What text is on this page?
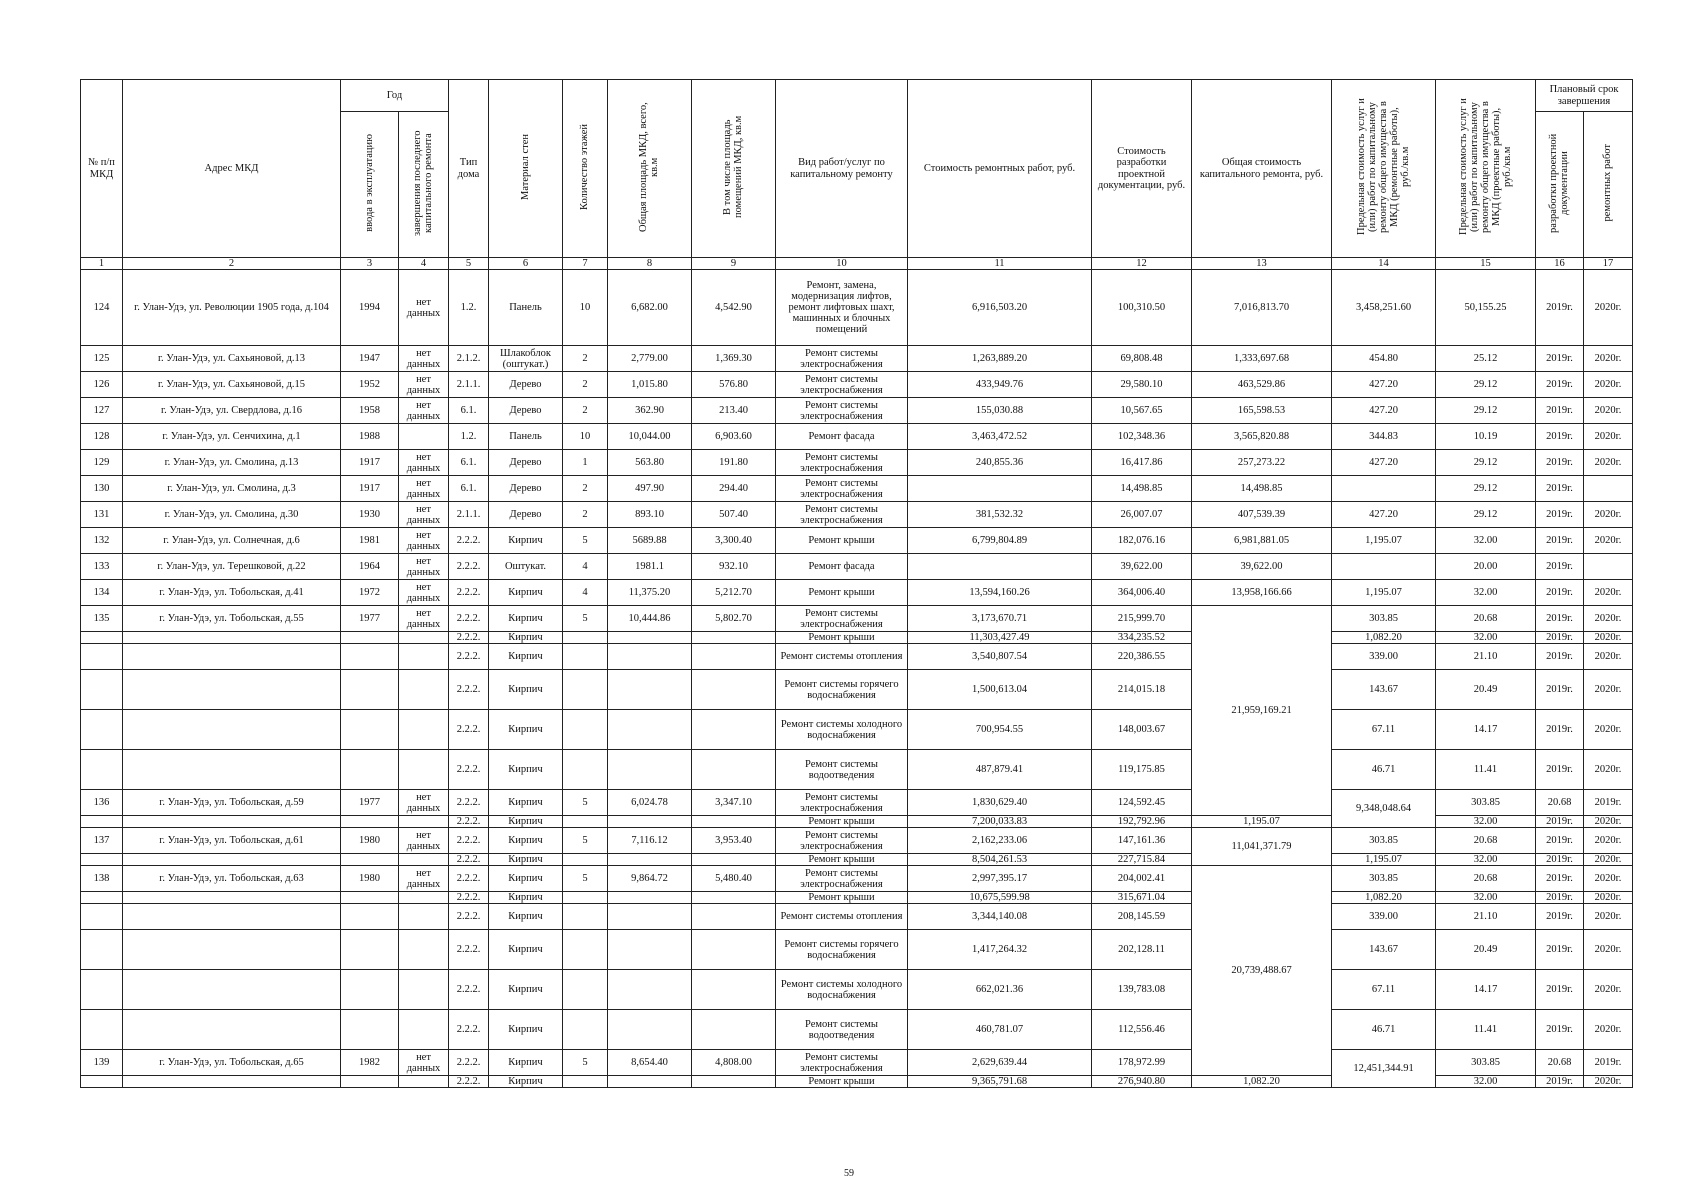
№ п/п МКД	Адрес МКД	Год		Тип дома	Материал стен	Количество этажей	Общая площадь МКД, всего, кв.м	В том числе площадь помещений МКД, кв.м	Вид работ/услуг по капитальному ремонту	Стоимость ремонтных работ, руб.	Стоимость разработки проектной документации, руб.	Общая стоимость капитального ремонта, руб.	Предельная стоимость услуг и (или) работ по капитальному ремонту общего имущества в МКД (ремонтные работы), руб./кв.м	Предельная стоимость услуг и (или) работ по капитальному ремонту общего имущества в МКД (проектные работы), руб./кв.м	Плановый срок завершения		
		ввода в эксплуатацию	завершения последнего капитального ремонта												разработки проектной документации	ремонтных работ	
1	2	3	4	5	6	7	8	9	10	11	12	13	14	15	16	17	
124	г. Улан-Удэ, ул. Революции 1905 года, д.104	1994	нет данных	1.2.	Панель	10	6,682.00	4,542.90	Ремонт, замена, модернизация лифтов, ремонт лифтовых шахт, машинных и блочных помещений	6,916,503.20	100,310.50	7,016,813.70	3,458,251.60	50,155.25	2019г.	2020г.	
125	г. Улан-Удэ, ул. Сахьяновой, д.13	1947	нет данных	2.1.2.	Шлакоблок (оштукат.)	2	2,779.00	1,369.30	Ремонт системы электроснабжения	1,263,889.20	69,808.48	1,333,697.68	454.80	25.12	2019г.	2020г.	
126	г. Улан-Удэ, ул. Сахьяновой, д.15	1952	нет данных	2.1.1.	Дерево	2	1,015.80	576.80	Ремонт системы электроснабжения	433,949.76	29,580.10	463,529.86	427.20	29.12	2019г.	2020г.	
127	г. Улан-Удэ, ул. Свердлова, д.16	1958	нет данных	6.1.	Дерево	2	362.90	213.40	Ремонт системы электроснабжения	155,030.88	10,567.65	165,598.53	427.20	29.12	2019г.	2020г.	
128	г. Улан-Удэ, ул. Сенчихина, д.1	1988		1.2.	Панель	10	10,044.00	6,903.60	Ремонт фасада	3,463,472.52	102,348.36	3,565,820.88	344.83	10.19	2019г.	2020г.	
129	г. Улан-Удэ, ул. Смолина, д.13	1917	нет данных	6.1.	Дерево	1	563.80	191.80	Ремонт системы электроснабжения	240,855.36	16,417.86	257,273.22	427.20	29.12	2019г.	2020г.	
130	г. Улан-Удэ, ул. Смолина, д.3	1917	нет данных	6.1.	Дерево	2	497.90	294.40	Ремонт системы электроснабжения		14,498.85	14,498.85		29.12	2019г.		
131	г. Улан-Удэ, ул. Смолина, д.30	1930	нет данных	2.1.1.	Дерево	2	893.10	507.40	Ремонт системы электроснабжения	381,532.32	26,007.07	407,539.39	427.20	29.12	2019г.	2020г.	
132	г. Улан-Удэ, ул. Солнечная, д.6	1981	нет данных	2.2.2.	Кирпич	5	5689.88	3,300.40	Ремонт крыши	6,799,804.89	182,076.16	6,981,881.05	1,195.07	32.00	2019г.	2020г.	
133	г. Улан-Удэ, ул. Терешковой, д.22	1964	нет данных	2.2.2.	Оштукат.	4	1981.1	932.10	Ремонт фасада		39,622.00	39,622.00		20.00	2019г.		
134	г. Улан-Удэ, ул. Тобольская, д.41	1972	нет данных	2.2.2.	Кирпич	4	11,375.20	5,212.70	Ремонт крыши	13,594,160.26	364,006.40	13,958,166.66	1,195.07	32.00	2019г.	2020г.	
135	г. Улан-Удэ, ул. Тобольская, д.55	1977	нет данных	2.2.2.	Кирпич	5	10,444.86	5,802.70	Ремонт системы электроснабжения	3,173,670.71	215,999.70	21,959,169.21	303.85	20.68	2019г.	2020г.	
				2.2.2.	Кирпич				Ремонт крыши	11,303,427.49	334,235.52		1,082.20	32.00	2019г.	2020г.	
				2.2.2.	Кирпич				Ремонт системы отопления	3,540,807.54	220,386.55		339.00	21.10	2019г.	2020г.	
				2.2.2.	Кирпич				Ремонт системы горячего водоснабжения	1,500,613.04	214,015.18		143.67	20.49	2019г.	2020г.	
				2.2.2.	Кирпич				Ремонт системы холодного водоснабжения	700,954.55	148,003.67		67.11	14.17	2019г.	2020г.	
				2.2.2.	Кирпич				Ремонт системы водоотведения	487,879.41	119,175.85		46.71	11.41	2019г.	2020г.	
136	г. Улан-Удэ, ул. Тобольская, д.59	1977	нет данных	2.2.2.	Кирпич	5	6,024.78	3,347.10	Ремонт системы электроснабжения	1,830,629.40	124,592.45		9,348,048.64	303.85	20.68	2019г.	
				2.2.2.	Кирпич				Ремонт крыши	7,200,033.83	192,792.96	1,195.07		32.00	2019г.	2020г.	
137	г. Улан-Удэ, ул. Тобольская, д.61	1980	нет данных	2.2.2.	Кирпич	5	7,116.12	3,953.40	Ремонт системы электроснабжения	2,162,233.06	147,161.36	11,041,371.79	303.85	20.68	2019г.	2020г.	
				2.2.2.	Кирпич				Ремонт крыши	8,504,261.53	227,715.84		1,195.07	32.00	2019г.	2020г.	
138	г. Улан-Удэ, ул. Тобольская, д.63	1980	нет данных	2.2.2.	Кирпич	5	9,864.72	5,480.40	Ремонт системы электроснабжения	2,997,395.17	204,002.41	20,739,488.67	303.85	20.68	2019г.	2020г.	
				2.2.2.	Кирпич				Ремонт крыши	10,675,599.98	315,671.04		1,082.20	32.00	2019г.	2020г.	
				2.2.2.	Кирпич				Ремонт системы отопления	3,344,140.08	208,145.59		339.00	21.10	2019г.	2020г.	
				2.2.2.	Кирпич				Ремонт системы горячего водоснабжения	1,417,264.32	202,128.11		143.67	20.49	2019г.	2020г.	
				2.2.2.	Кирпич				Ремонт системы холодного водоснабжения	662,021.36	139,783.08		67.11	14.17	2019г.	2020г.	
				2.2.2.	Кирпич				Ремонт системы водоотведения	460,781.07	112,556.46		46.71	11.41	2019г.	2020г.	
139	г. Улан-Удэ, ул. Тобольская, д.65	1982	нет данных	2.2.2.	Кирпич	5	8,654.40	4,808.00	Ремонт системы электроснабжения	2,629,639.44	178,972.99		12,451,344.91	303.85	20.68	2019г.	
				2.2.2.	Кирпич				Ремонт крыши	9,365,791.68	276,940.80	1,082.20		32.00	2019г.	2020г.	
59
